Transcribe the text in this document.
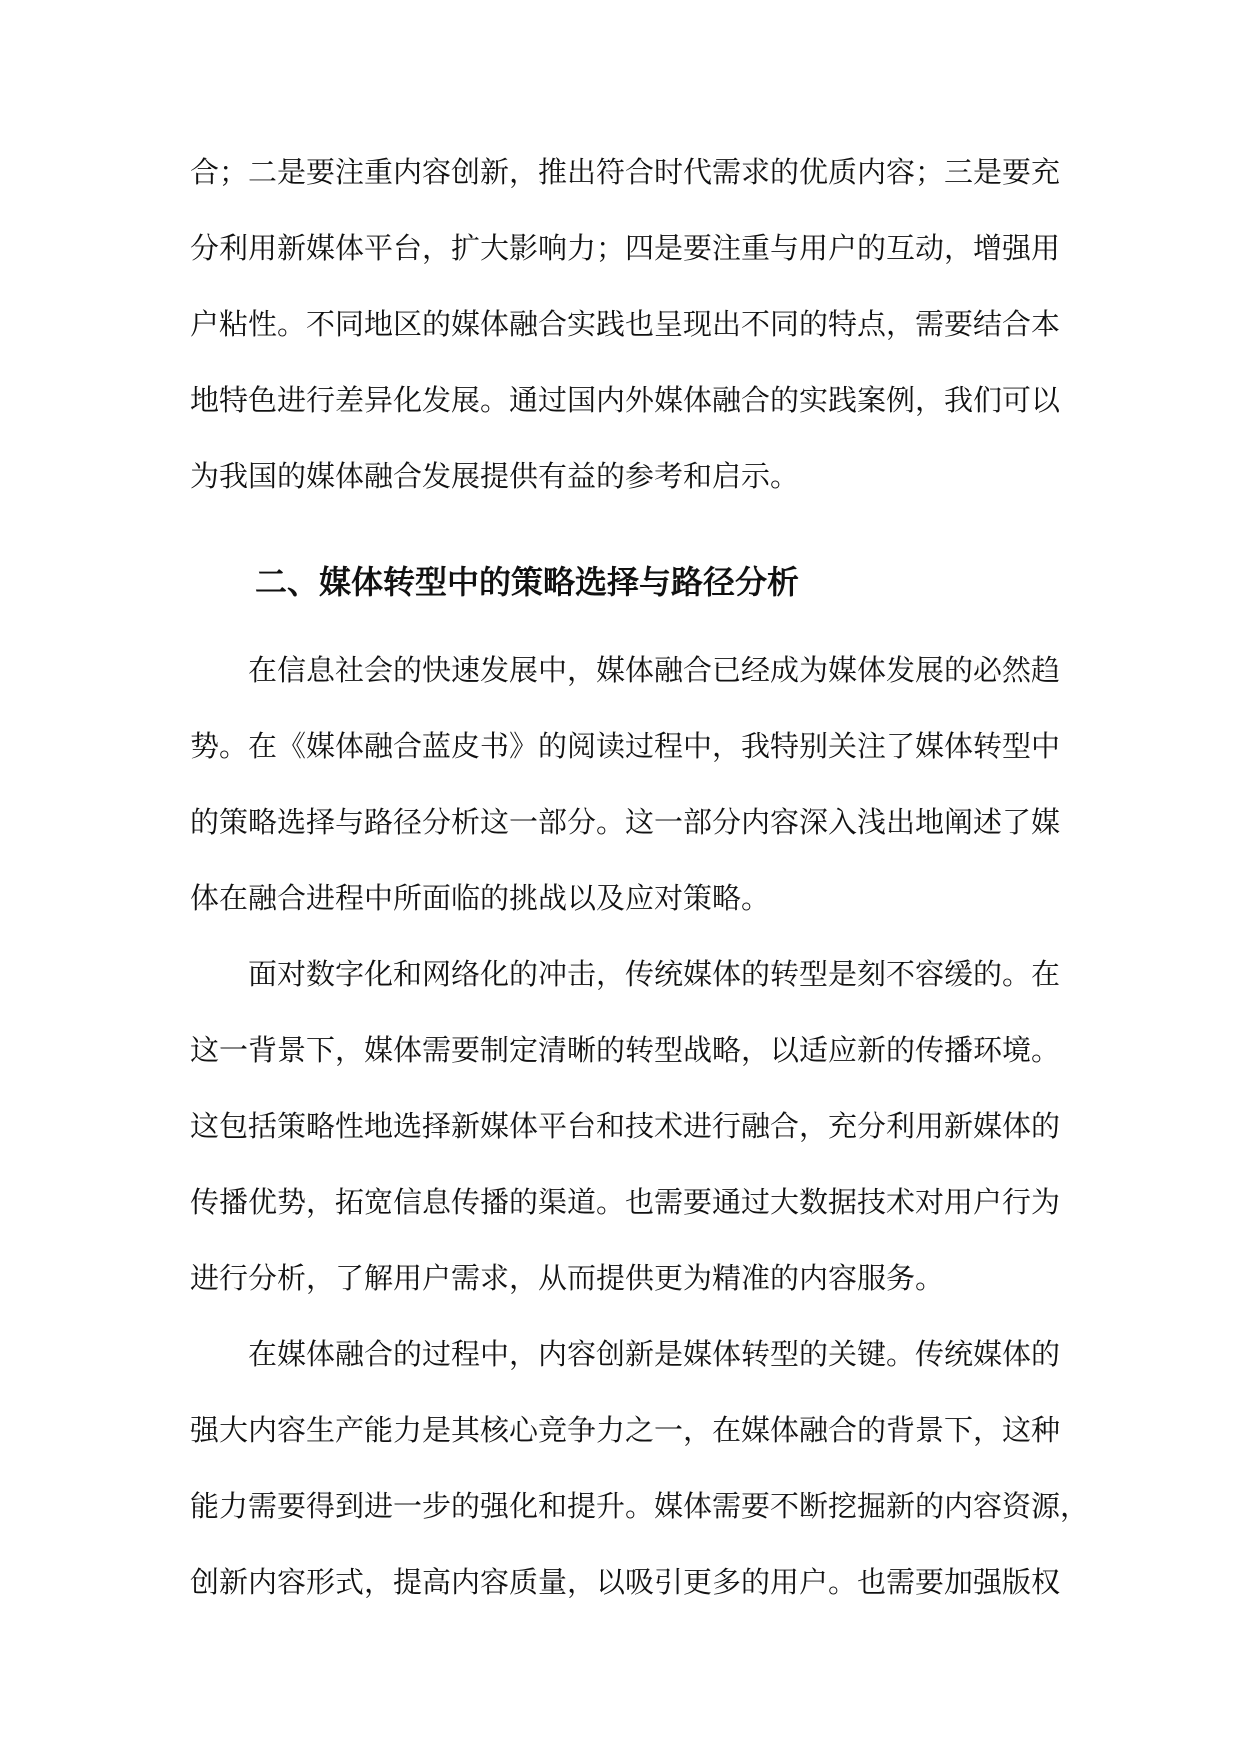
合；二是要注重内容创新，推出符合时代需求的优质内容；三是要充
分利用新媒体平台，扩大影响力；四是要注重与用户的互动，增强用
户粘性。不同地区的媒体融合实践也呈现出不同的特点，需要结合本
地特色进行差异化发展。通过国内外媒体融合的实践案例，我们可以
为我国的媒体融合发展提供有益的参考和启示。
二、媒体转型中的策略选择与路径分析
在信息社会的快速发展中，媒体融合已经成为媒体发展的必然趋
势。在《媒体融合蓝皮书》的阅读过程中，我特别关注了媒体转型中
的策略选择与路径分析这一部分。这一部分内容深入浅出地阐述了媒
体在融合进程中所面临的挑战以及应对策略。
面对数字化和网络化的冲击，传统媒体的转型是刻不容缓的。在
这一背景下，媒体需要制定清晰的转型战略，以适应新的传播环境。
这包括策略性地选择新媒体平台和技术进行融合，充分利用新媒体的
传播优势，拓宽信息传播的渠道。也需要通过大数据技术对用户行为
进行分析，了解用户需求，从而提供更为精准的内容服务。
在媒体融合的过程中，内容创新是媒体转型的关键。传统媒体的
强大内容生产能力是其核心竞争力之一，在媒体融合的背景下，这种
能力需要得到进一步的强化和提升。媒体需要不断挖掘新的内容资源，
创新内容形式，提高内容质量，以吸引更多的用户。也需要加强版权
